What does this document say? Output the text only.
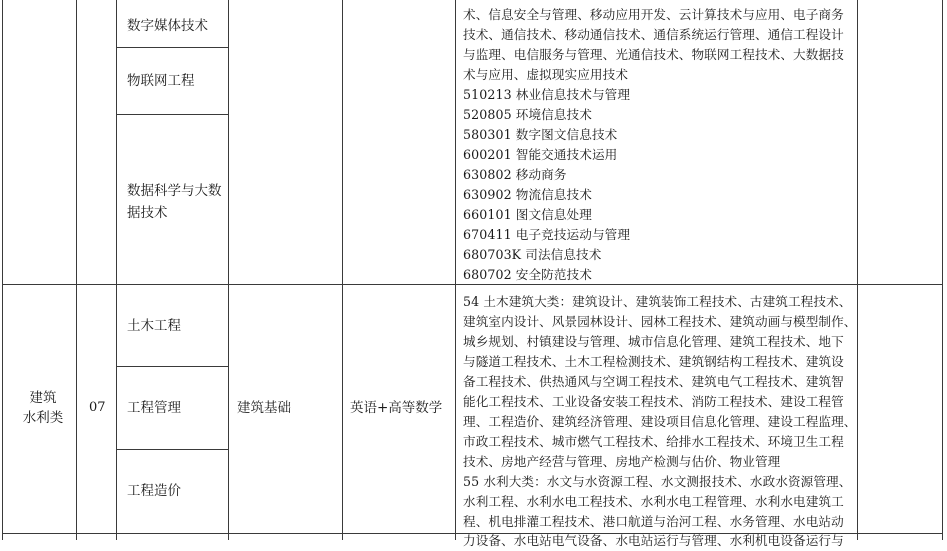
数字媒体技术
物联网工程
数据科学与大数据技术
术、信息安全与管理、移动应用开发、云计算技术与应用、电子商务
技术、通信技术、移动通信技术、通信系统运行管理、通信工程设计
与监理、电信服务与管理、光通信技术、物联网工程技术、大数据技
术与应用、虚拟现实应用技术
510213 林业信息技术与管理
520805 环境信息技术
580301 数字图文信息技术
600201 智能交通技术运用
630802 移动商务
630902 物流信息技术
660101 图文信息处理
670411 电子竞技运动与管理
680703K 司法信息技术
680702 安全防范技术
建筑
水利类
07
土木工程
工程管理
工程造价
建筑基础	英语+高等数学
54 土木建筑大类：建筑设计、建筑装饰工程技术、古建筑工程技术、
建筑室内设计、风景园林设计、园林工程技术、建筑动画与模型制作、
城乡规划、村镇建设与管理、城市信息化管理、建筑工程技术、地下
与隧道工程技术、土木工程检测技术、建筑钢结构工程技术、建筑设
备工程技术、供热通风与空调工程技术、建筑电气工程技术、建筑智
能化工程技术、工业设备安装工程技术、消防工程技术、建设工程管
理、工程造价、建筑经济管理、建设项目信息化管理、建设工程监理、
市政工程技术、城市燃气工程技术、给排水工程技术、环境卫生工程
技术、房地产经营与管理、房地产检测与估价、物业管理
55 水利大类：水文与水资源工程、水文测报技术、水政水资源管理、
水利工程、水利水电工程技术、水利水电工程管理、水利水电建筑工
程、机电排灌工程技术、港口航道与治河工程、水务管理、水电站动
力设备、水电站电气设备、水电站运行与管理、水利机电设备运行与
